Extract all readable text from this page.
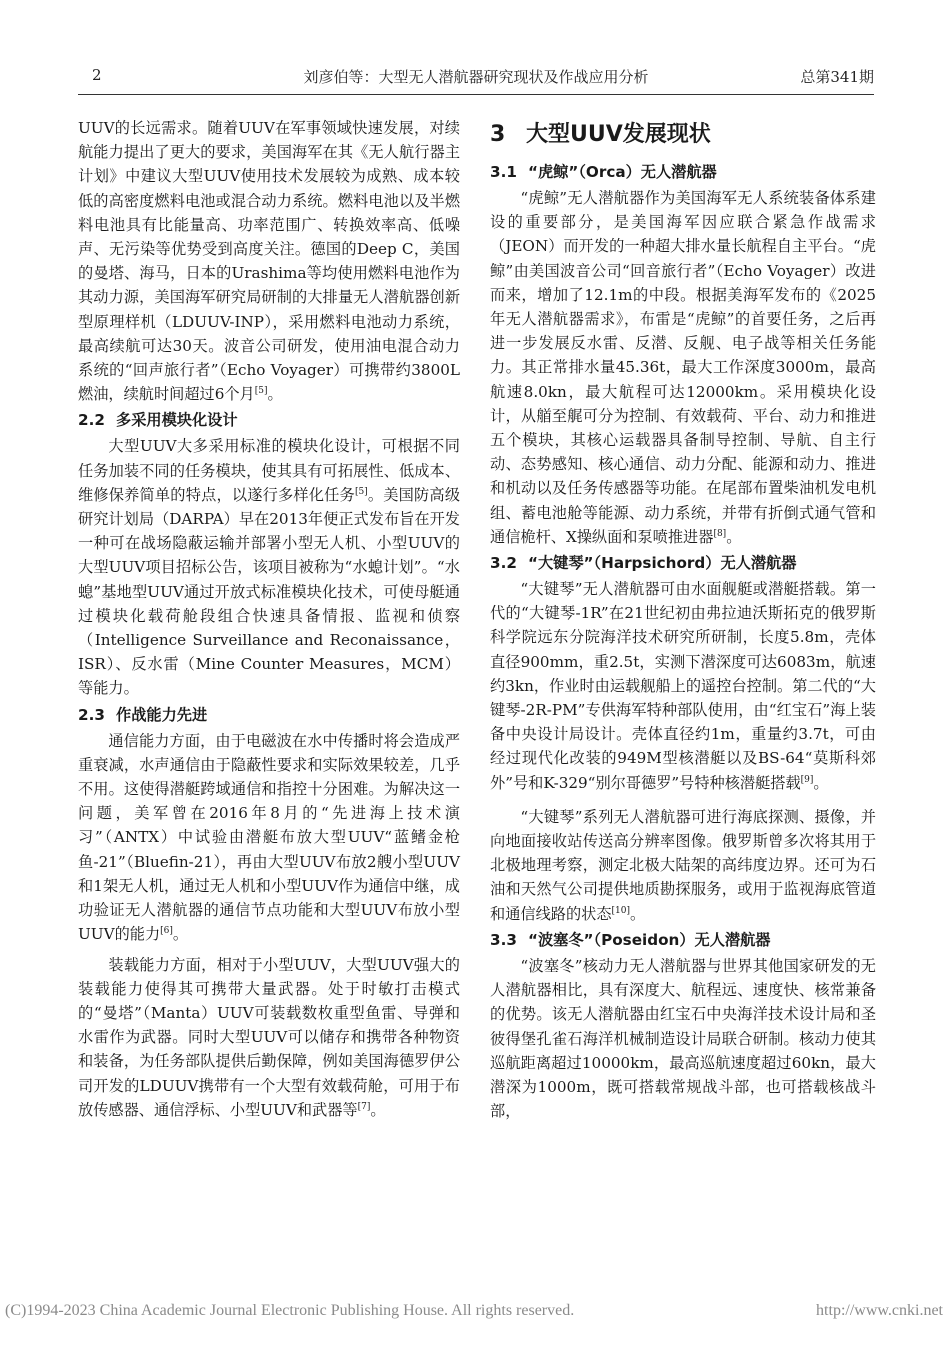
2	刘彦伯等：大型无人潜航器研究现状及作战应用分析	总第341期

UUV的长远需求。随着UUV在军事领域快速发展，对续航能力提出了更大的要求，美国海军在其《无人航行器主计划》中建议大型UUV使用技术发展较为成熟、成本较低的高密度燃料电池或混合动力系统。燃料电池以及半燃料电池具有比能量高、功率范围广、转换效率高、低噪声、无污染等优势受到高度关注。德国的Deep C，美国的曼塔、海马，日本的Urashima等均使用燃料电池作为其动力源，美国海军研究局研制的大排量无人潜航器创新型原理样机（LDUUV-INP），采用燃料电池动力系统，最高续航可达30天。波音公司研发，使用油电混合动力系统的“回声旅行者”（Echo Voyager）可携带约3800L燃油，续航时间超过6个月[5]。

2.2 多采用模块化设计

大型UUV大多采用标准的模块化设计，可根据不同任务加装不同的任务模块，使其具有可拓展性、低成本、维修保养简单的特点，以遂行多样化任务[5]。美国防高级研究计划局（DARPA）早在2013年便正式发布旨在开发一种可在战场隐蔽运输并部署小型无人机、小型UUV的大型UUV项目招标公告，该项目被称为“水螅计划”。“水螅”基地型UUV通过开放式标准模块化技术，可使母艇通过模块化载荷舱段组合快速具备情报、监视和侦察（Intelligence Surveillance and Reconaissance，ISR）、反水雷（Mine Counter Measures，MCM）等能力。

2.3 作战能力先进

通信能力方面，由于电磁波在水中传播时将会造成严重衰减，水声通信由于隐蔽性要求和实际效果较差，几乎不用。这使得潜艇跨域通信和指控十分困难。为解决这一问题，美军曾在2016年8月的“先进海上技术演习”（ANTX）中试验由潜艇布放大型UUV“蓝鳍金枪鱼-21”（Bluefin-21），再由大型UUV布放2艘小型UUV和1架无人机，通过无人机和小型UUV作为通信中继，成功验证无人潜航器的通信节点功能和大型UUV布放小型UUV的能力[6]。

装载能力方面，相对于小型UUV，大型UUV强大的装载能力使得其可携带大量武器。处于时敏打击模式的“曼塔”（Manta）UUV可装载数枚重型鱼雷、导弹和水雷作为武器。同时大型UUV可以储存和携带各种物资和装备，为任务部队提供后勤保障，例如美国海德罗伊公司开发的LDUUV携带有一个大型有效载荷舱，可用于布放传感器、通信浮标、小型UUV和武器等[7]。

3 大型UUV发展现状
3.1 “虎鲸”（Orca）无人潜航器

“虎鲸”无人潜航器作为美国海军无人系统装备体系建设的重要部分，是美国海军因应联合紧急作战需求（JEON）而开发的一种超大排水量长航程自主平台。“虎鲸”由美国波音公司“回音旅行者”（Echo Voyager）改进而来，增加了12.1m的中段。根据美海军发布的《2025年无人潜航器需求》，布雷是“虎鲸”的首要任务，之后再进一步发展反水雷、反潜、反舰、电子战等相关任务能力。其正常排水量45.36t，最大工作深度3000m，最高航速8.0kn，最大航程可达12000km。采用模块化设计，从艏至艉可分为控制、有效载荷、平台、动力和推进五个模块，其核心运载器具备制导控制、导航、自主行动、态势感知、核心通信、动力分配、能源和动力、推进和机动以及任务传感器等功能。在尾部布置柴油机发电机组、蓄电池舱等能源、动力系统，并带有折倒式通气管和通信桅杆、X操纵面和泵喷推进器[8]。

3.2 “大键琴”（Harpsichord）无人潜航器

“大键琴”无人潜航器可由水面舰艇或潜艇搭载。第一代的“大键琴-1R”在21世纪初由弗拉迪沃斯拓克的俄罗斯科学院远东分院海洋技术研究所研制，长度5.8m，壳体直径900mm，重2.5t，实测下潜深度可达6083m，航速约3kn，作业时由运载舰船上的遥控台控制。第二代的“大键琴-2R-PM”专供海军特种部队使用，由“红宝石”海上装备中央设计局设计。壳体直径约1m，重量约3.7t，可由经过现代化改装的949M型核潜艇以及BS-64“莫斯科郊外”号和K-329“别尔哥德罗”号特种核潜艇搭载[9]。

“大键琴”系列无人潜航器可进行海底探测、摄像，并向地面接收站传送高分辨率图像。俄罗斯曾多次将其用于北极地理考察，测定北极大陆架的高纬度边界。还可为石油和天然气公司提供地质勘探服务，或用于监视海底管道和通信线路的状态[10]。

3.3 “波塞冬”（Poseidon）无人潜航器

“波塞冬”核动力无人潜航器与世界其他国家研发的无人潜航器相比，具有深度大、航程远、速度快、核常兼备的优势。该无人潜航器由红宝石中央海洋技术设计局和圣彼得堡孔雀石海洋机械制造设计局联合研制。核动力使其巡航距离超过10000km，最高巡航速度超过60kn，最大潜深为1000m，既可搭载常规战斗部，也可搭载核战斗部，

(C)1994-2023 China Academic Journal Electronic Publishing House. All rights reserved.	http://www.cnki.net
